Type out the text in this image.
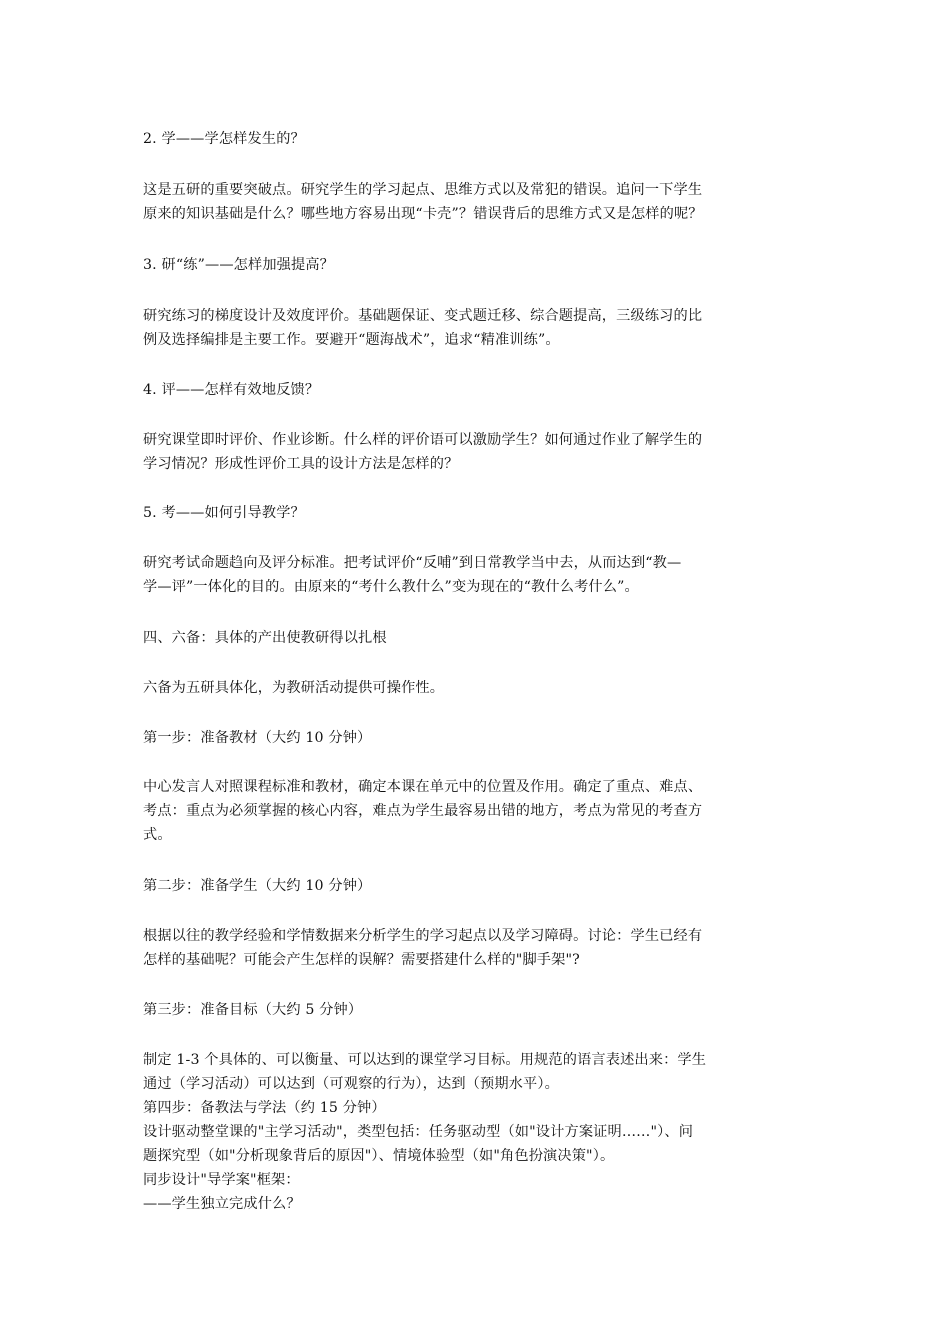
2. 学——学怎样发生的？
这是五研的重要突破点。研究学生的学习起点、思维方式以及常犯的错误。追问一下学生
原来的知识基础是什么？哪些地方容易出现“卡壳”？错误背后的思维方式又是怎样的呢？
3. 研“练”——怎样加强提高？
研究练习的梯度设计及效度评价。基础题保证、变式题迁移、综合题提高，三级练习的比
例及选择编排是主要工作。要避开“题海战术”，追求“精准训练”。
4. 评——怎样有效地反馈？
研究课堂即时评价、作业诊断。什么样的评价语可以激励学生？如何通过作业了解学生的
学习情况？形成性评价工具的设计方法是怎样的？
5. 考——如何引导教学？
研究考试命题趋向及评分标准。把考试评价“反哺”到日常教学当中去，从而达到“教—
学—评”一体化的目的。由原来的“考什么教什么”变为现在的“教什么考什么”。
四、六备：具体的产出使教研得以扎根
六备为五研具体化，为教研活动提供可操作性。
第一步：准备教材（大约 10 分钟）
中心发言人对照课程标准和教材，确定本课在单元中的位置及作用。确定了重点、难点、
考点：重点为必须掌握的核心内容，难点为学生最容易出错的地方，考点为常见的考查方
式。
第二步：准备学生（大约 10 分钟）
根据以往的教学经验和学情数据来分析学生的学习起点以及学习障碍。讨论：学生已经有
怎样的基础呢？可能会产生怎样的误解？需要搭建什么样的"脚手架"?
第三步：准备目标（大约 5 分钟）
制定 1-3 个具体的、可以衡量、可以达到的课堂学习目标。用规范的语言表述出来：学生
通过（学习活动）可以达到（可观察的行为），达到（预期水平）。
第四步：备教法与学法（约 15 分钟）
设计驱动整堂课的"主学习活动"，类型包括：任务驱动型（如"设计方案证明……"）、问
题探究型（如"分析现象背后的原因"）、情境体验型（如"角色扮演决策"）。
同步设计"导学案"框架：
——学生独立完成什么？
